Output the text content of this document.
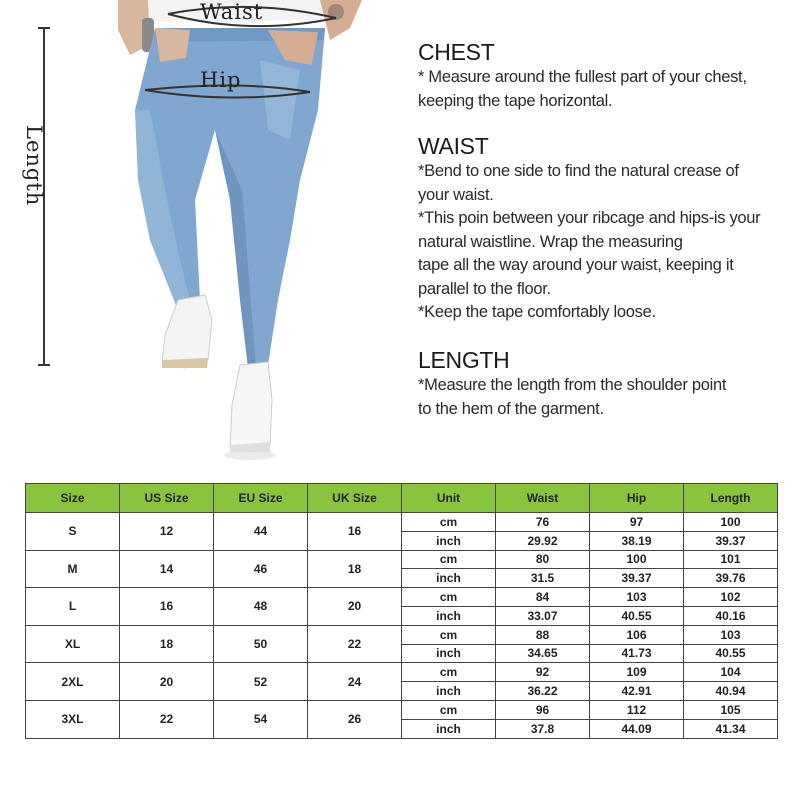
Waist
Hip
Length
CHEST

* Measure around the fullest part of your chest,

keeping the tape horizontal.

WAIST

*Bend to one side to find the natural crease of

your waist.

*This poin between your ribcage and hips-is your

natural waistline. Wrap the measuring

tape all the way around your waist, keeping it

parallel to the floor.

*Keep the tape comfortably loose.

LENGTH

*Measure the length from the shoulder point

to the hem of the garment.

Size	US Size	EU Size	UK Size	Unit	Waist	Hip	Length
S	12	44	16	cm	76	97	100
				inch	29.92	38.19	39.37
M	14	46	18	cm	80	100	101
				inch	31.5	39.37	39.76
L	16	48	20	cm	84	103	102
				inch	33.07	40.55	40.16
XL	18	50	22	cm	88	106	103
				inch	34.65	41.73	40.55
2XL	20	52	24	cm	92	109	104
				inch	36.22	42.91	40.94
3XL	22	54	26	cm	96	112	105
				inch	37.8	44.09	41.34
